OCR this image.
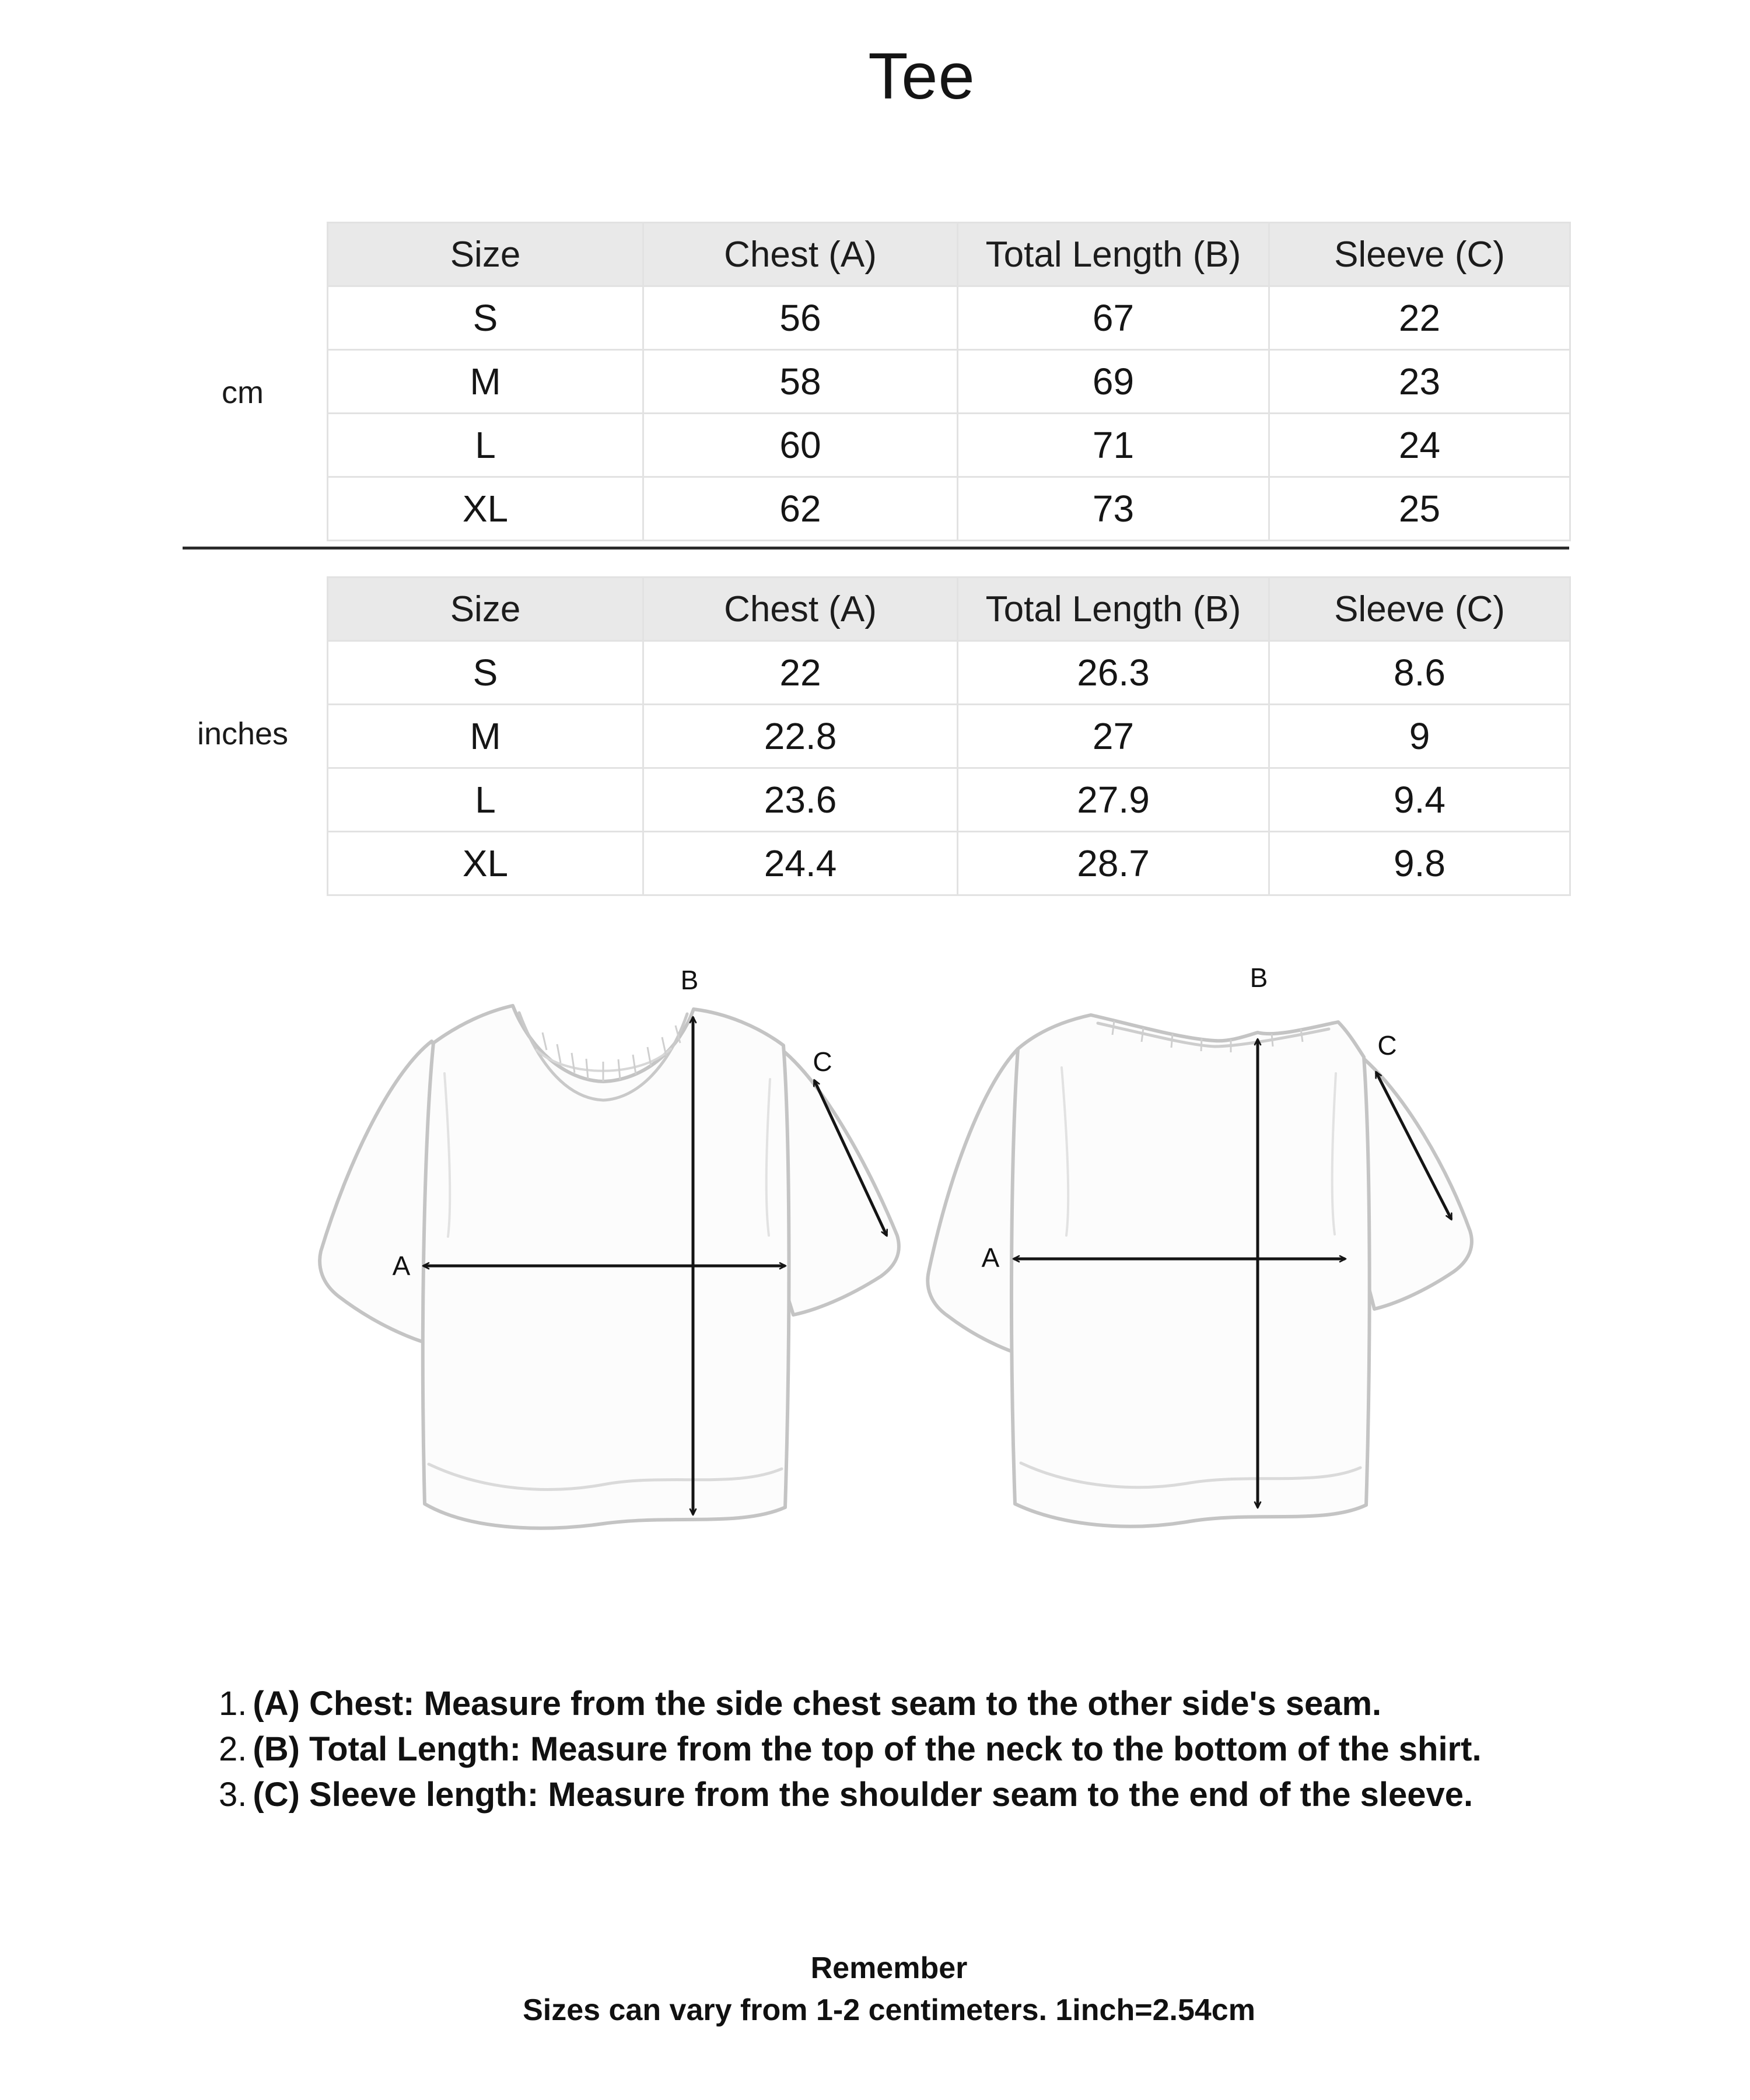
Tee
cm
Size	Chest (A)	Total Length (B)	Sleeve (C)
S	56	67	22
M	58	69	23
L	60	71	24
XL	62	73	25
inches
Size	Chest (A)	Total Length (B)	Sleeve (C)
S	22	26.3	8.6
M	22.8	27	9
L	23.6	27.9	9.4
XL	24.4	28.7	9.8
B
A
C
B
A
C
1. (A) Chest: Measure from the side chest seam to the other side's seam.
2. (B) Total Length: Measure from the top of the neck to the bottom of the shirt.
3. (C) Sleeve length: Measure from the shoulder seam to the end of the sleeve.
Remember
Sizes can vary from 1-2 centimeters. 1inch=2.54cm
